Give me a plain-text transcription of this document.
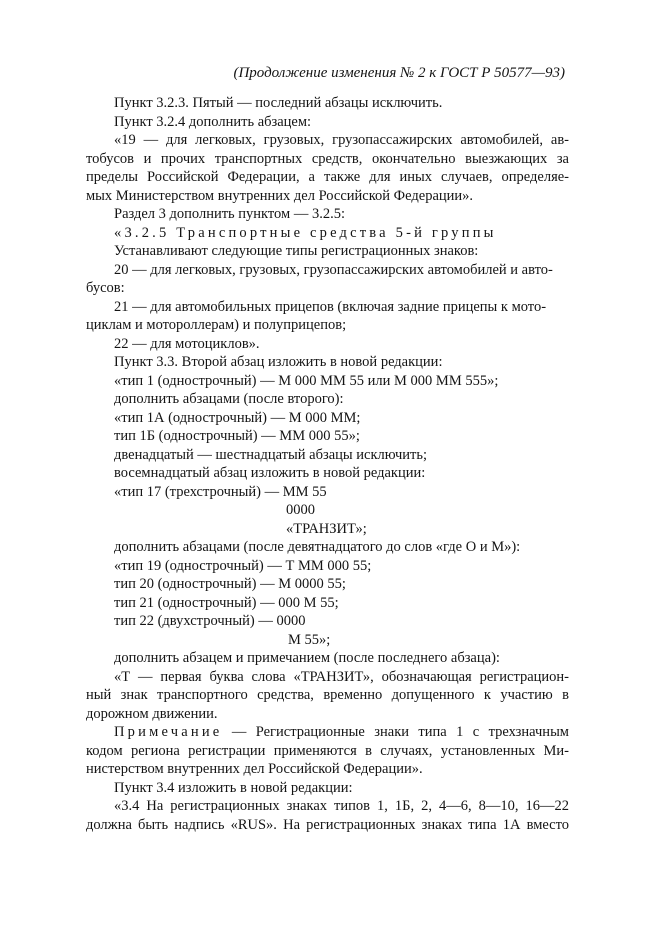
(Продолжение изменения № 2 к ГОСТ Р 50577—93)
Пункт 3.2.3. Пятый — последний абзацы исключить.
Пункт 3.2.4 дополнить абзацем:
«19 — для легковых, грузовых, грузопассажирских автомобилей, ав-
тобусов и прочих транспортных средств, окончательно выезжающих за
пределы Российской Федерации, а также для иных случаев, определяе-
мых Министерством внутренних дел Российской Федерации».
Раздел 3 дополнить пунктом — 3.2.5:
«3.2.5 Транспортные средства 5-й группы
Устанавливают следующие типы регистрационных знаков:
20 — для легковых, грузовых, грузопассажирских автомобилей и авто-
бусов:
21 — для автомобильных прицепов (включая задние прицепы к мото-
циклам и мотороллерам) и полуприцепов;
22 — для мотоциклов».
Пункт 3.3. Второй абзац изложить в новой редакции:
«тип 1 (однострочный) — М 000 ММ 55 или М 000 ММ 555»;
дополнить абзацами (после второго):
«тип 1А (однострочный) — М 000 ММ;
тип 1Б (однострочный) — ММ 000 55»;
двенадцатый — шестнадцатый абзацы исключить;
восемнадцатый абзац изложить в новой редакции:
«тип 17 (трехстрочный) — ММ 55
0000
«ТРАНЗИТ»;
дополнить абзацами (после девятнадцатого до слов «где О и М»):
«тип 19 (однострочный) — Т ММ 000 55;
тип 20 (однострочный) — М 0000 55;
тип 21 (однострочный) — 000 М 55;
тип 22 (двухстрочный) — 0000
М 55»;
дополнить абзацем и примечанием (после последнего абзаца):
«Т — первая буква слова «ТРАНЗИТ», обозначающая регистрацион-
ный знак транспортного средства, временно допущенного к участию в
дорожном движении.
Примечание — Регистрационные знаки типа 1 с трехзначным
кодом региона регистрации применяются в случаях, установленных Ми-
нистерством внутренних дел Российской Федерации».
Пункт 3.4 изложить в новой редакции:
«3.4 На регистрационных знаках типов 1, 1Б, 2, 4—6, 8—10, 16—22
должна быть надпись «RUS». На регистрационных знаках типа 1А вместо
